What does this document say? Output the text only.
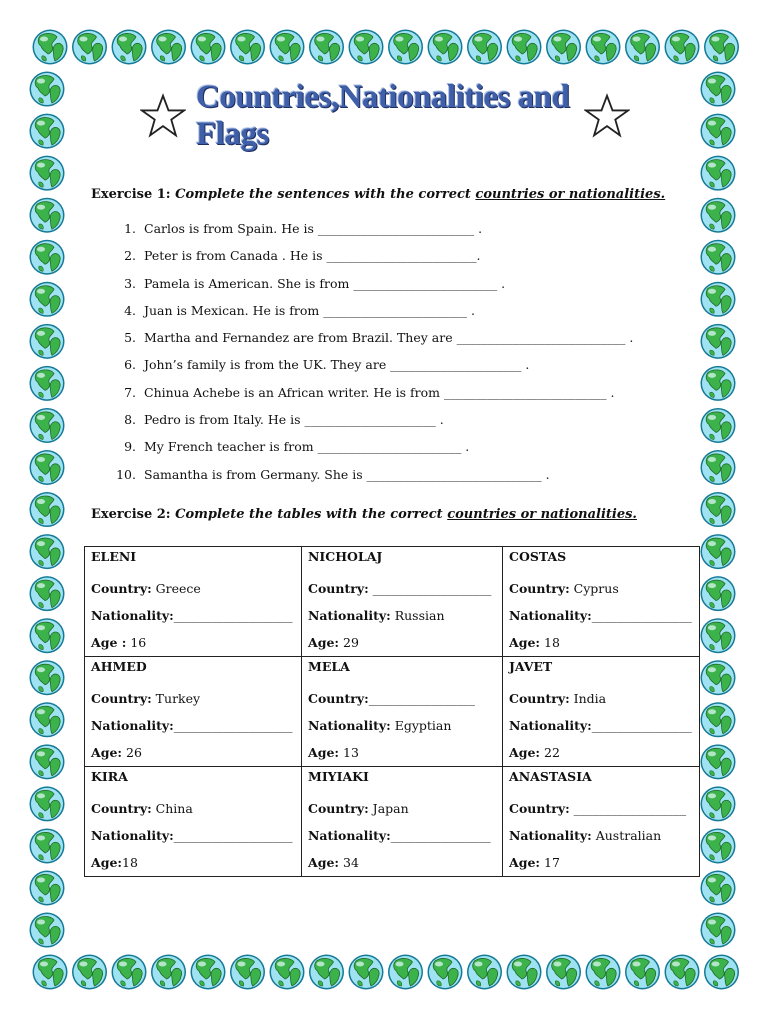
Countries,Nationalities and Flags
Exercise 1: Complete the sentences with the correct countries or nationalities.
1. Carlos is from Spain. He is _________________________ .
2. Peter is from Canada . He is ________________________.
3. Pamela is American. She is from _______________________ .
4. Juan is Mexican. He is from _______________________ .
5. Martha and Fernandez are from Brazil. They are ___________________________ .
6. John’s family is from the UK. They are _____________________ .
7. Chinua Achebe is an African writer. He is from __________________________ .
8. Pedro is from Italy. He is _____________________ .
9. My French teacher is from _______________________ .
10. Samantha is from Germany. She is ____________________________ .
Exercise 2: Complete the tables with the correct countries or nationalities.
ELENI
Country: Greece
Nationality:___________________
Age : 16	NICHOLAJ
Country: ___________________
Nationality: Russian
Age: 29	COSTAS
Country: Cyprus
Nationality:________________
Age: 18

AHMED
Country: Turkey
Nationality:___________________
Age: 26	MELA
Country:_________________
Nationality: Egyptian
Age: 13	JAVET
Country: India
Nationality:________________
Age: 22

KIRA
Country: China
Nationality:___________________
Age:18	MIYIAKI
Country: Japan
Nationality:________________
Age: 34	ANASTASIA
Country: __________________
Nationality: Australian
Age: 17
